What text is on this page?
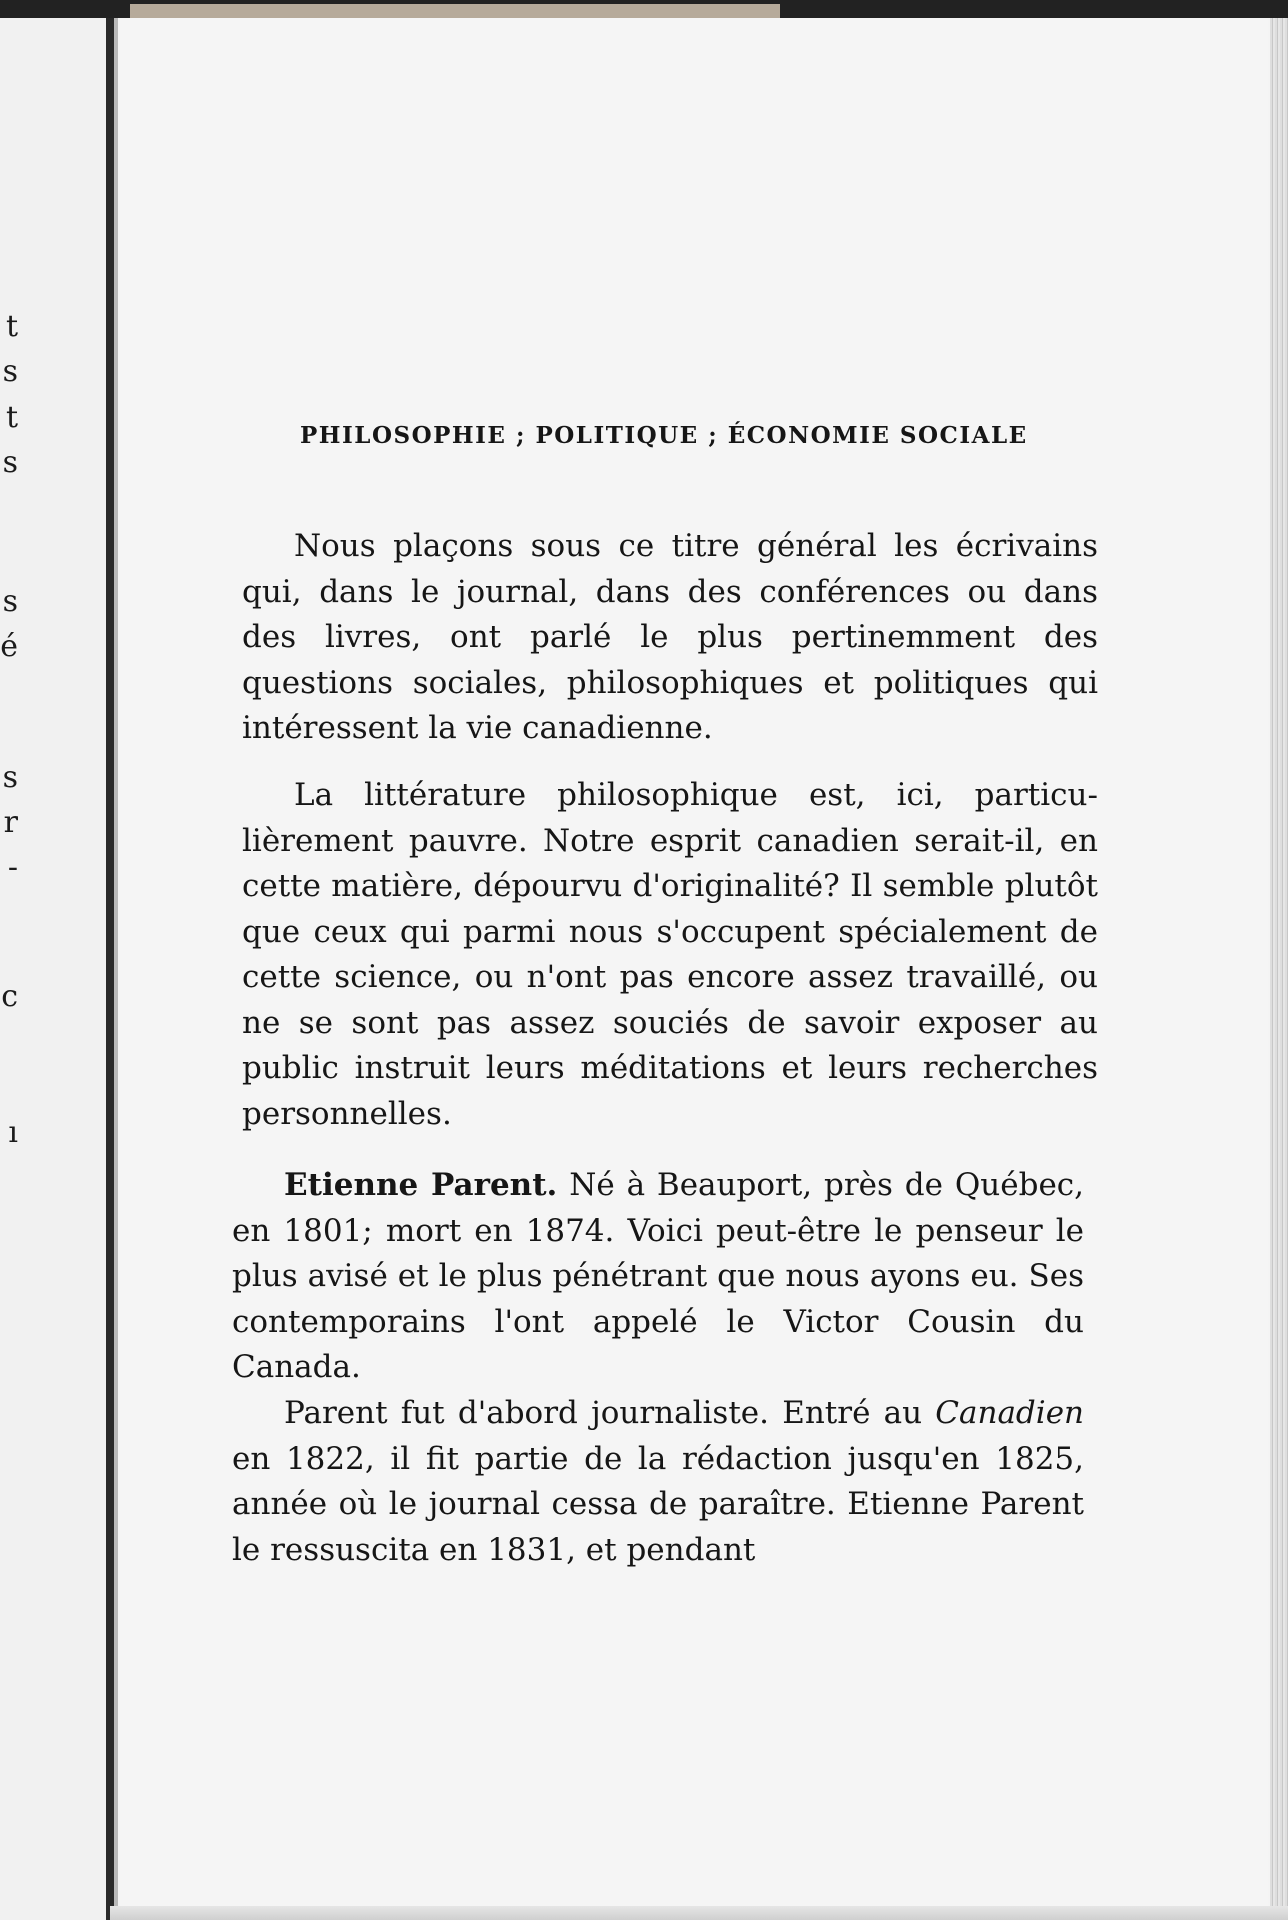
t
s
t
s
s
é
s
r
-
c
ı
PHILOSOPHIE ; POLITIQUE ; ÉCONOMIE SOCIALE

Nous plaçons sous ce titre général les écrivains qui, dans le journal, dans des conférences ou dans des livres, ont parlé le plus pertinemment des questions sociales, philosophiques et politiques qui intéressent la vie canadienne.

La littérature philosophique est, ici, particulièrement pauvre. Notre esprit canadien serait-il, en cette matière, dépourvu d'originalité? Il semble plutôt que ceux qui parmi nous s'occupent spécialement de cette science, ou n'ont pas encore assez travaillé, ou ne se sont pas assez souciés de savoir exposer au public instruit leurs méditations et leurs recherches personnelles.

Etienne Parent. Né à Beauport, près de Québec, en 1801; mort en 1874. Voici peut-être le penseur le plus avisé et le plus pénétrant que nous ayons eu. Ses contemporains l'ont appelé le Victor Cousin du Canada.

Parent fut d'abord journaliste. Entré au Canadien en 1822, il fit partie de la rédaction jusqu'en 1825, année où le journal cessa de paraître. Etienne Parent le ressuscita en 1831, et pendant
